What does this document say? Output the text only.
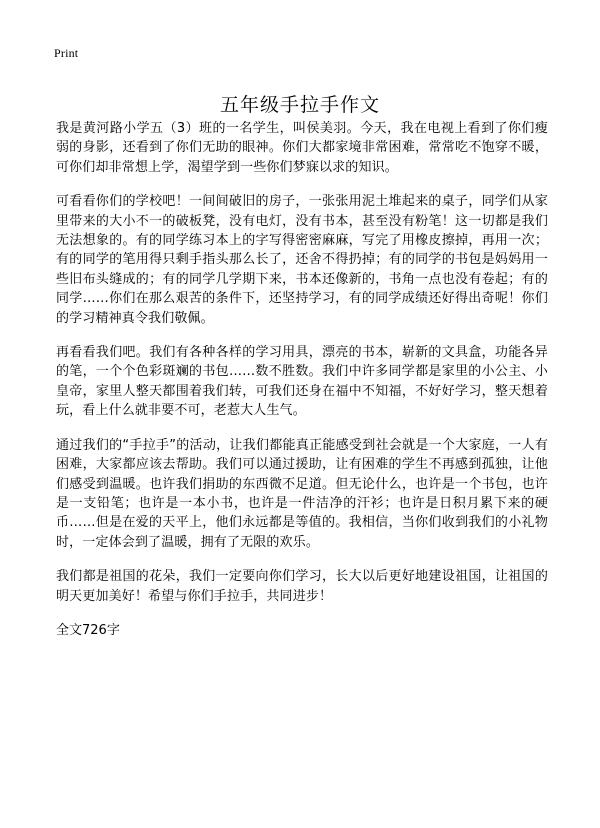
Print
五年级手拉手作文

我是黄河路小学五（3）班的一名学生，叫侯美羽。今天，我在电视上看到了你们瘦弱的身影，还看到了你们无助的眼神。你们大都家境非常困难，常常吃不饱穿不暖，可你们却非常想上学，渴望学到一些你们梦寐以求的知识。

可看看你们的学校吧！一间间破旧的房子，一张张用泥土堆起来的桌子，同学们从家里带来的大小不一的破板凳，没有电灯，没有书本，甚至没有粉笔！这一切都是我们无法想象的。有的同学练习本上的字写得密密麻麻，写完了用橡皮擦掉，再用一次；有的同学的笔用得只剩手指头那么长了，还舍不得扔掉；有的同学的书包是妈妈用一些旧布头缝成的；有的同学几学期下来，书本还像新的，书角一点也没有卷起；有的同学……你们在那么艰苦的条件下，还坚持学习，有的同学成绩还好得出奇呢！你们的学习精神真令我们敬佩。

再看看我们吧。我们有各种各样的学习用具，漂亮的书本，崭新的文具盒，功能各异的笔，一个个色彩斑斓的书包……数不胜数。我们中许多同学都是家里的小公主、小皇帝，家里人整天都围着我们转，可我们还身在福中不知福，不好好学习，整天想着玩，看上什么就非要不可，老惹大人生气。

通过我们的“手拉手”的活动，让我们都能真正能感受到社会就是一个大家庭，一人有困难，大家都应该去帮助。我们可以通过援助，让有困难的学生不再感到孤独，让他们感受到温暖。也许我们捐助的东西微不足道。但无论什么，也许是一个书包，也许是一支铅笔；也许是一本小书，也许是一件洁净的汗衫；也许是日积月累下来的硬币……但是在爱的天平上，他们永远都是等值的。我相信，当你们收到我们的小礼物时，一定体会到了温暖，拥有了无限的欢乐。

我们都是祖国的花朵，我们一定要向你们学习，长大以后更好地建设祖国，让祖国的明天更加美好！希望与你们手拉手，共同进步！

全文726字
